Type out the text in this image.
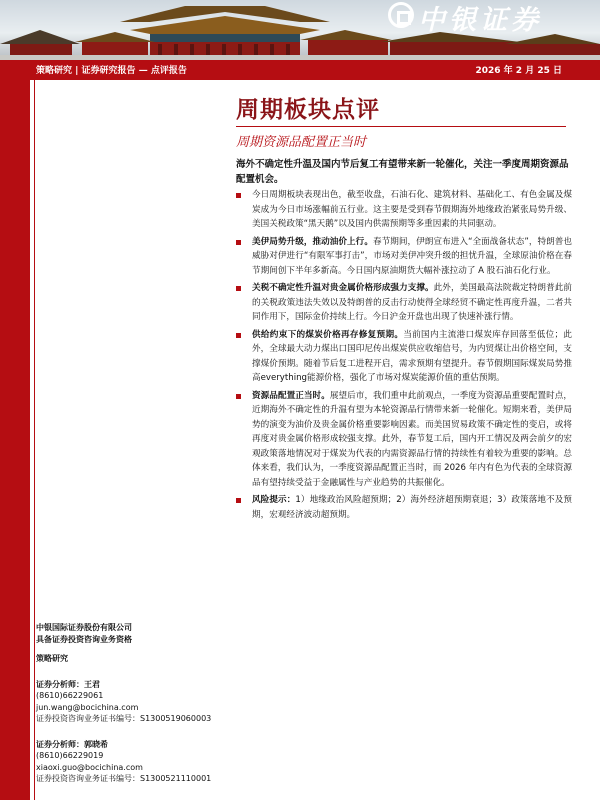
中银证券
策略研究 | 证券研究报告 — 点评报告	2026 年 2 月 25 日
周期板块点评
周期资源品配置正当时
海外不确定性升温及国内节后复工有望带来新一轮催化，关注一季度周期资源品配置机会。
今日周期板块表现出色，截至收盘，石油石化、建筑材料、基础化工、有色金属及煤炭成为今日市场涨幅前五行业。这主要是受到春节假期海外地缘政治紧张局势升级、美国关税政策“黑天鹅”以及国内供需预期等多重因素的共同驱动。
美伊局势升级，推动油价上行。春节期间，伊朗宣布进入“全面战备状态”，特朗普也威胁对伊进行“有限军事打击”，市场对美伊冲突升级的担忧升温，全球原油价格在春节期间创下半年多新高。今日国内原油期货大幅补涨拉动了 A 股石油石化行业。
关税不确定性升温对贵金属价格形成强力支撑。此外，美国最高法院裁定特朗普此前的关税政策违法失效以及特朗普的反击行动使得全球经贸不确定性再度升温，二者共同作用下，国际金价持续上行。今日沪金开盘也出现了快速补涨行情。
供给约束下的煤炭价格再存修复预期。当前国内主流港口煤炭库存回落至低位；此外，全球最大动力煤出口国印尼传出煤炭供应收缩信号，为内贸煤让出价格空间，支撑煤价预期。随着节后复工进程开启，需求预期有望提升。春节假期国际煤炭局势推高everything能源价格，强化了市场对煤炭能源价值的重估预期。
资源品配置正当时。展望后市，我们重申此前观点，一季度为资源品重要配置时点，近期海外不确定性的升温有望为本轮资源品行情带来新一轮催化。短期来看，美伊局势的演变为油价及贵金属价格重要影响因素。而美国贸易政策不确定性的变启，或将再度对贵金属价格形成较强支撑。此外，春节复工后，国内开工情况及两会前夕的宏观政策落地情况对于煤炭为代表的内需资源品行情的持续性有着较为重要的影响。总体来看，我们认为，一季度资源品配置正当时，而 2026 年内有色为代表的全球资源品有望持续受益于金融属性与产业趋势的共振催化。
风险提示：1）地缘政治风险超预期；2）海外经济超预期衰退；3）政策落地不及预期，宏观经济波动超预期。
中银国际证券股份有限公司
具备证券投资咨询业务资格
策略研究
证券分析师：王君
(8610)66229061
jun.wang@bocichina.com
证券投资咨询业务证书编号：S1300519060003
证券分析师：郭晓希
(8610)66229019
xiaoxi.guo@bocichina.com
证券投资咨询业务证书编号：S1300521110001
